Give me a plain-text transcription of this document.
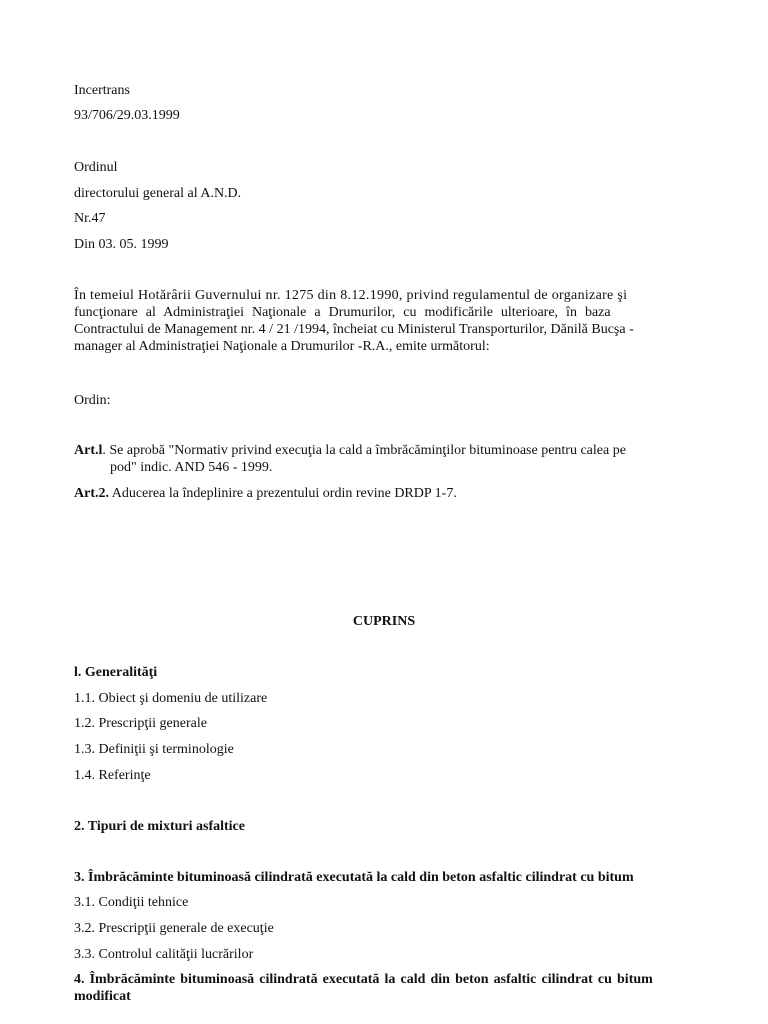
Incertrans
93/706/29.03.1999
Ordinul
directorului general al A.N.D.
Nr.47
Din 03. 05. 1999
În temeiul Hotărârii Guvernului nr. 1275 din 8.12.1990, privind regulamentul de organizare şi
funcţionare al Administraţiei Naţionale a Drumurilor, cu modificările ulterioare, în baza
Contractului de Management nr. 4 / 21 /1994, încheiat cu Ministerul Transporturilor, Dănilă Bucşa -
manager al Administraţiei Naţionale a Drumurilor -R.A., emite următorul:
Ordin:
Art.l. Se aprobă "Normativ privind execuţia la cald a îmbrăcăminţilor bituminoase pentru calea pe
pod" indic. AND 546 - 1999.
Art.2. Aducerea la îndeplinire a prezentului ordin revine DRDP 1-7.
CUPRINS
l. Generalităţi
1.1. Obiect şi domeniu de utilizare
1.2. Prescripţii generale
1.3. Definiţii şi terminologie
1.4. Referinţe
2. Tipuri de mixturi asfaltice
3. Îmbrăcăminte bituminoasă cilindrată executată la cald din beton asfaltic cilindrat cu bitum
3.1. Condiţii tehnice
3.2. Prescripţii generale de execuţie
3.3. Controlul calităţii lucrărilor
4. Îmbrăcăminte bituminoasă cilindrată executată la cald din beton asfaltic cilindrat cu bitum
modificat
